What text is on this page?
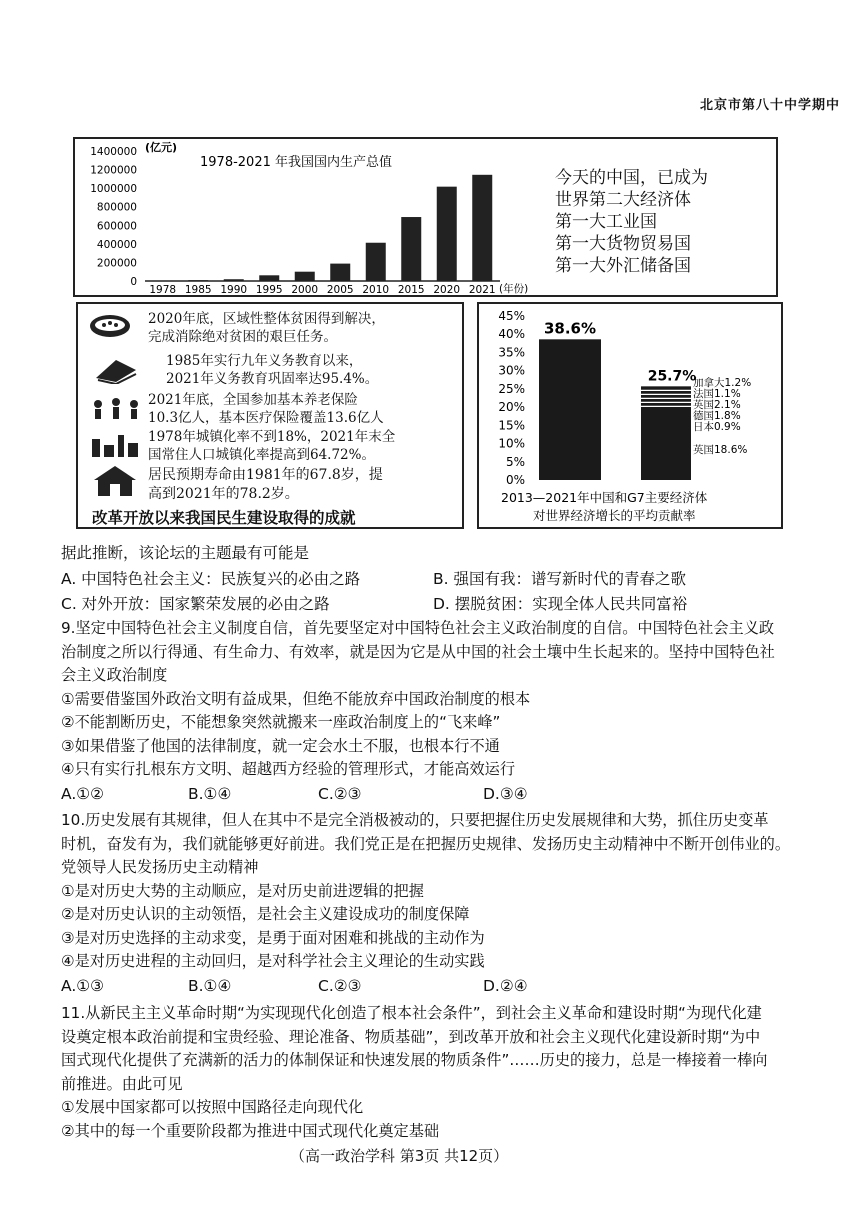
北京市第八十中学期中
0
200000
400000
600000
800000
1000000
1200000
1400000
1978 1985 1990 1995 2000 2005 2010 2015 2020 2021
(亿元)
1978-2021 年我国国内生产总值
(年份)
今天的中国，已成为
世界第二大经济体
第一大工业国
第一大货物贸易国
第一大外汇储备国
2020年底，区域性整体贫困得到解决，
完成消除绝对贫困的艰巨任务。
1985年实行九年义务教育以来，
2021年义务教育巩固率达95.4%。
2021年底，全国参加基本养老保险
10.3亿人，基本医疗保险覆盖13.6亿人
1978年城镇化率不到18%，2021年末全
国常住人口城镇化率提高到64.72%。
居民预期寿命由1981年的67.8岁，提
高到2021年的78.2岁。
改革开放以来我国民生建设取得的成就
0%
5%
10%
15%
20%
25%
30%
35%
40%
45%
38.6%
25.7%
加拿大1.2%
法国1.1%
英国2.1%
德国1.8%
日本0.9%
英国18.6%
2013—2021年中国和G7主要经济体
对世界经济增长的平均贡献率
据此推断，该论坛的主题最有可能是
A. 中国特色社会主义：民族复兴的必由之路	B. 强国有我：谱写新时代的青春之歌
C. 对外开放：国家繁荣发展的必由之路	D. 摆脱贫困：实现全体人民共同富裕
9.坚定中国特色社会主义制度自信，首先要坚定对中国特色社会主义政治制度的自信。中国特色社会主义政
治制度之所以行得通、有生命力、有效率，就是因为它是从中国的社会土壤中生长起来的。坚持中国特色社
会主义政治制度
①需要借鉴国外政治文明有益成果，但绝不能放弃中国政治制度的根本
②不能割断历史，不能想象突然就搬来一座政治制度上的“飞来峰”
③如果借鉴了他国的法律制度，就一定会水土不服，也根本行不通
④只有实行扎根东方文明、超越西方经验的管理形式，才能高效运行
A.①②	B.①④	C.②③	D.③④
10.历史发展有其规律，但人在其中不是完全消极被动的，只要把握住历史发展规律和大势，抓住历史变革
时机，奋发有为，我们就能够更好前进。我们党正是在把握历史规律、发扬历史主动精神中不断开创伟业的。
党领导人民发扬历史主动精神
①是对历史大势的主动顺应，是对历史前进逻辑的把握
②是对历史认识的主动领悟，是社会主义建设成功的制度保障
③是对历史选择的主动求变，是勇于面对困难和挑战的主动作为
④是对历史进程的主动回归，是对科学社会主义理论的生动实践
A.①③	B.①④	C.②③	D.②④
11.从新民主主义革命时期“为实现现代化创造了根本社会条件”，到社会主义革命和建设时期“为现代化建
设奠定根本政治前提和宝贵经验、理论准备、物质基础”，到改革开放和社会主义现代化建设新时期“为中
国式现代化提供了充满新的活力的体制保证和快速发展的物质条件”……历史的接力，总是一棒接着一棒向
前推进。由此可见
①发展中国家都可以按照中国路径走向现代化
②其中的每一个重要阶段都为推进中国式现代化奠定基础
（高一政治学科 第3页 共12页）
